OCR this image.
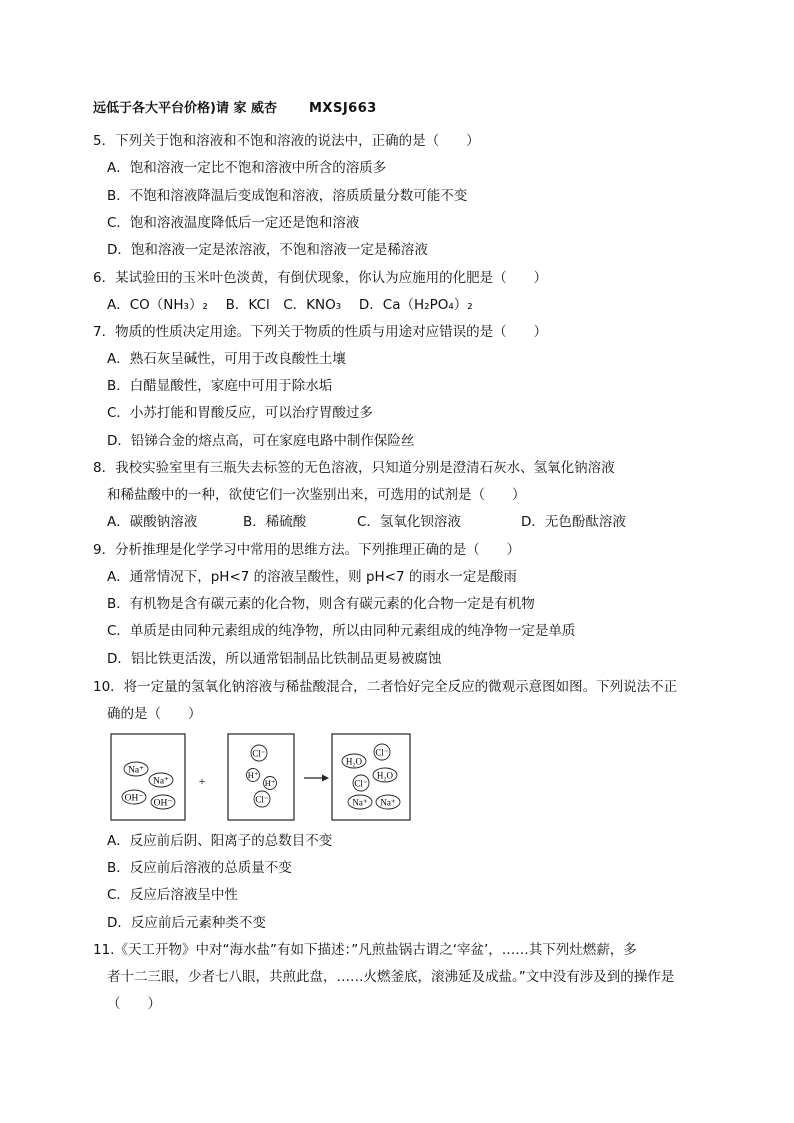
远低于各大平台价格)请 家 威杏 MXSJ663
5．下列关于饱和溶液和不饱和溶液的说法中，正确的是（　　）
A．饱和溶液一定比不饱和溶液中所含的溶质多
B．不饱和溶液降温后变成饱和溶液，溶质质量分数可能不变
C．饱和溶液温度降低后一定还是饱和溶液
D．饱和溶液一定是浓溶液，不饱和溶液一定是稀溶液
6．某试验田的玉米叶色淡黄，有倒伏现象，你认为应施用的化肥是（　　）
A．CO（NH₃）₂　 B．KCl　C．KNO₃　 D．Ca（H₂PO₄）₂
7．物质的性质决定用途。下列关于物质的性质与用途对应错误的是（　　）
A．熟石灰呈碱性，可用于改良酸性土壤
B．白醋显酸性，家庭中可用于除水垢
C．小苏打能和胃酸反应，可以治疗胃酸过多
D．铅锑合金的熔点高，可在家庭电路中制作保险丝
8．我校实验室里有三瓶失去标签的无色溶液，只知道分别是澄清石灰水、氢氧化钠溶液
和稀盐酸中的一种，欲使它们一次鉴别出来，可选用的试剂是（　　）
A．碳酸钠溶液	B．稀硫酸	C．氢氧化钡溶液	D．无色酚酞溶液
9．分析推理是化学学习中常用的思维方法。下列推理正确的是（　　）
A．通常情况下，pH<7 的溶液呈酸性，则 pH<7 的雨水一定是酸雨
B．有机物是含有碳元素的化合物，则含有碳元素的化合物一定是有机物
C．单质是由同种元素组成的纯净物，所以由同种元素组成的纯净物一定是单质
D．铝比铁更活泼，所以通常铝制品比铁制品更易被腐蚀
10．将一定量的氢氧化钠溶液与稀盐酸混合，二者恰好完全反应的微观示意图如图。下列说法不正
确的是（　　）
Na⁺
Na⁺
OH⁻ OH⁻
+
Cl⁻
H⁺
H⁺
Cl⁻
H₂O
Cl⁻
H₂O
Cl⁻
Na⁺ Na⁺
A．反应前后阴、阳离子的总数目不变
B．反应前后溶液的总质量不变
C．反应后溶液呈中性
D．反应前后元素种类不变
11.《天工开物》中对“海水盐”有如下描述：”凡煎盐锅古谓之‘宰盆’，……其下列灶燃薪，多
者十二三眼，少者七八眼，共煎此盘，……火燃釜底，滚沸延及成盐。”文中没有涉及到的操作是
（　　）
